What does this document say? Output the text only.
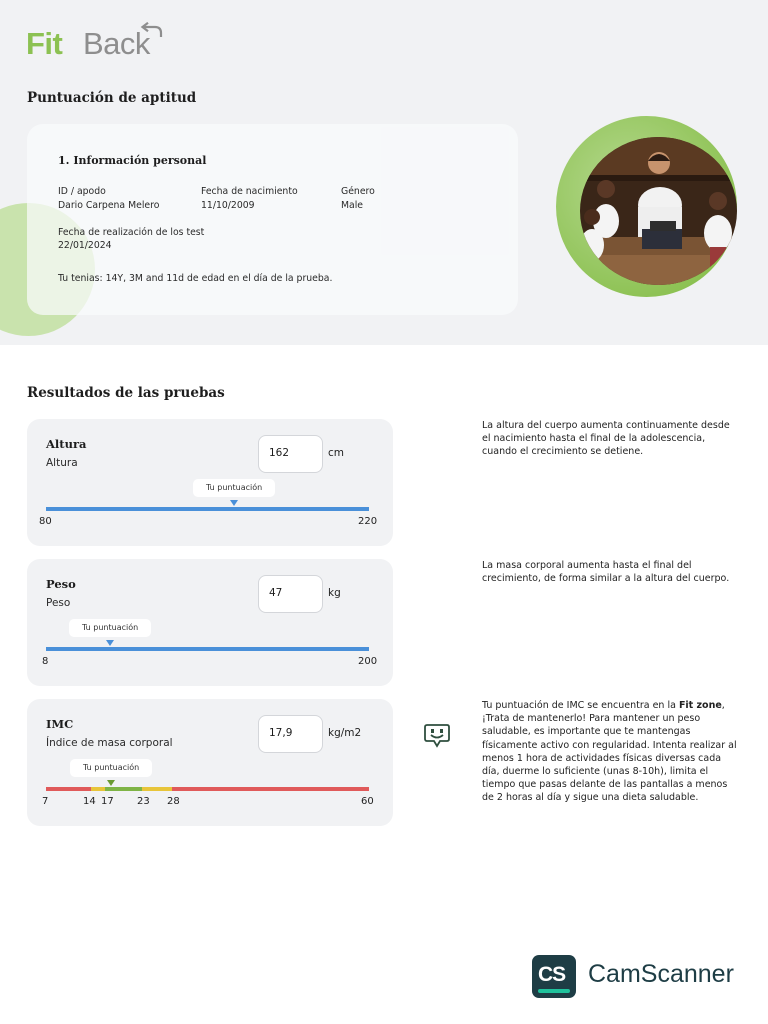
Fit Back
Puntuación de aptitud
1. Información personal
ID / apodo
Dario Carpena Melero
Fecha de nacimiento
11/10/2009
Género
Male
Fecha de realización de los test
22/01/2024
Tu tenias: 14Y, 3M and 11d de edad en el día de la prueba.
Resultados de las pruebas
Altura
Altura
162	cm
Tu puntuación
80	220
La altura del cuerpo aumenta continuamente desde el nacimiento hasta el final de la adolescencia, cuando el crecimiento se detiene.
Peso
Peso
47	kg
Tu puntuación
8	200
La masa corporal aumenta hasta el final del crecimiento, de forma similar a la altura del cuerpo.
IMC
Índice de masa corporal
17,9	kg/m2
Tu puntuación
7	14 17 23 28	60
Tu puntuación de IMC se encuentra en la Fit zone, ¡Trata de mantenerlo! Para mantener un peso saludable, es importante que te mantengas físicamente activo con regularidad. Intenta realizar al menos 1 hora de actividades físicas diversas cada día, duerme lo suficiente (unas 8-10h), limita el tiempo que pasas delante de las pantallas a menos de 2 horas al día y sigue una dieta saludable.
CS CamScanner
